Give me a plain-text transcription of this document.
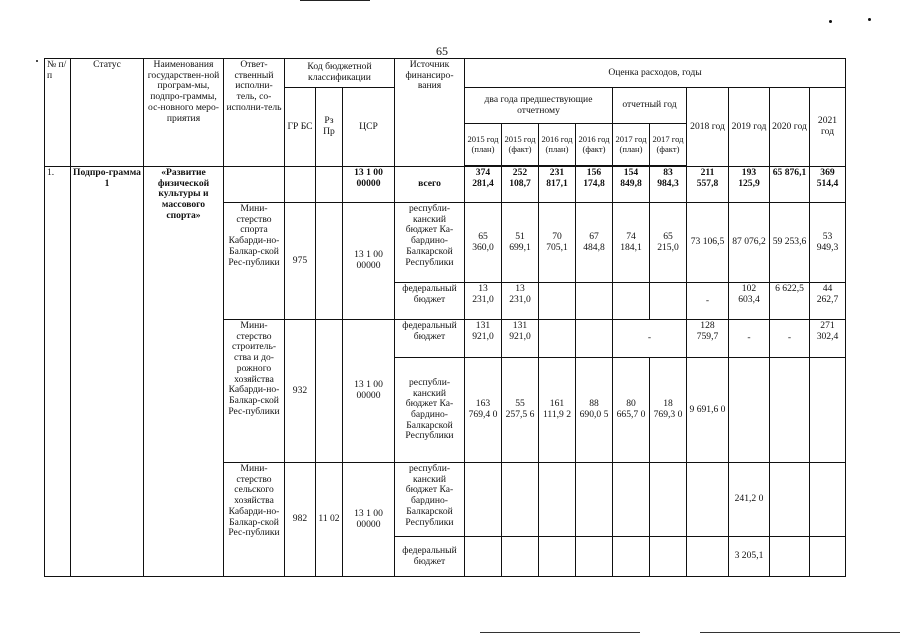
65
№ п/п	Статус	Наименования государствен-ной програм-мы, подпро-граммы, ос-новного меро-приятия	Ответ-ственный исполни-тель, со-исполни-тель	Код бюджетной классификации			Источник финансиро-вания	Оценка расходов, годы									
				ГР БС	Рз Пр	ЦСР		два года предшествующие отчетному				отчетный год		2018 год	2019 год	2020 год	2021 год
								2015 год (план)	2015 год (факт)	2016 год (план)	2016 год (факт)	2017 год (план)	2017 год (факт)				

1.	Подпро-грамма 1	«Развитие физической культуры и массового спорта»				13 1 00 00000	всего	374 281,4	252 108,7	231 817,1	156 174,8	154 849,8	83 984,3	211 557,8	193 125,9	65 876,1	369 514,4
			Мини-стерство спорта Кабарди-но-Балкар-ской Рес-публики	975		13 1 00 00000	республи-канский бюджет Ка-бардино-Балкарской Республики	65 360,0	51 699,1	70 705,1	67 484,8	74 184,1	65 215,0	73 106,5	87 076,2	59 253,6	53 949,3
							федеральный бюджет	13 231,0	13 231,0					-	102 603,4	6 622,5	44 262,7
			Мини-стерство строитель-ства и до-рожного хозяйства Кабарди-но-Балкар-ской Рес-публики	932		13 1 00 00000	федеральный бюджет	131 921,0	131 921,0			-		128 759,7	-	-	271 302,4
							республи-канский бюджет Ка-бардино-Балкарской Республики	163 769,4 0	55 257,5 6	161 111,9 2	88 690,0 5	80 665,7 0	18 769,3 0	9 691,6 0			
			Мини-стерство сельского хозяйства Кабарди-но-Балкар-ской Рес-публики	982	11 02	13 1 00 00000	республи-канский бюджет Ка-бардино-Балкарской Республики								241,2 0		
							федеральный бюджет								3 205,1		
